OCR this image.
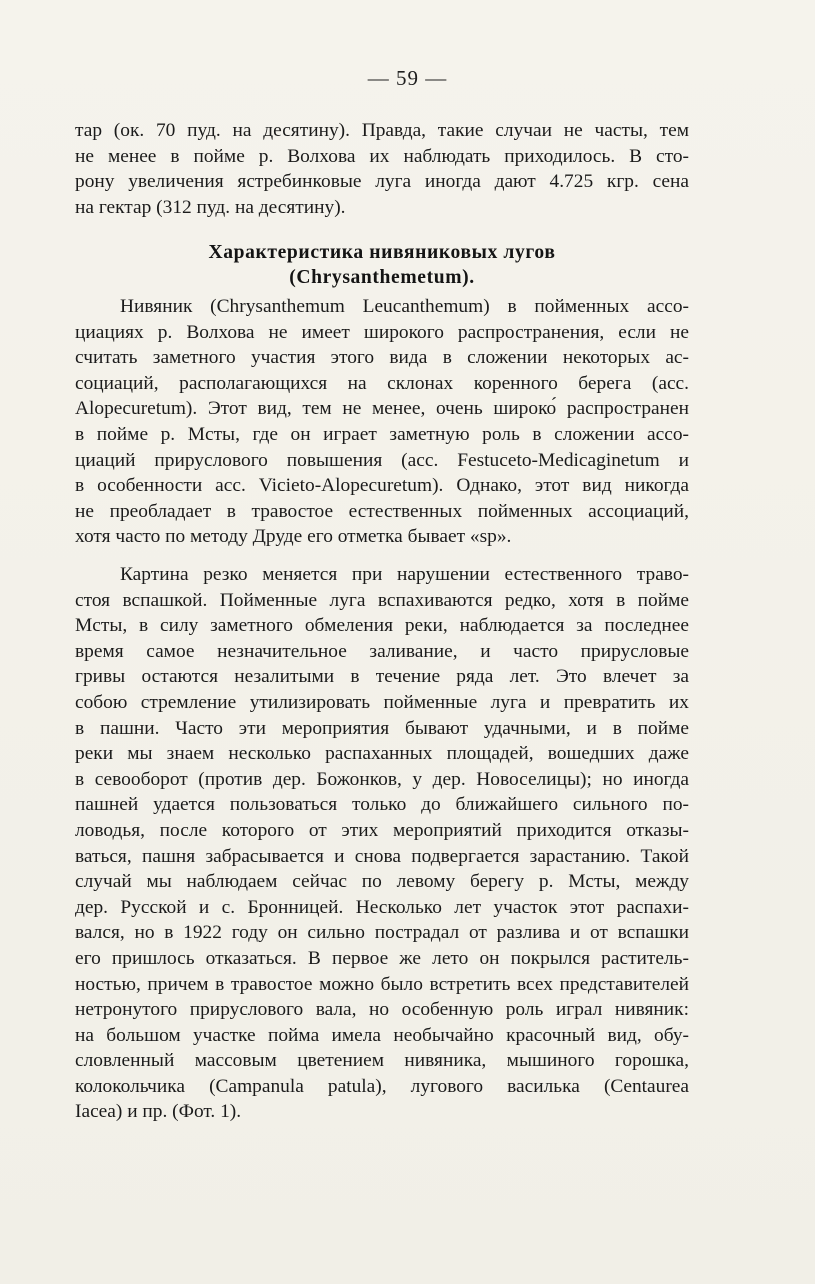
— 59 —
тар (ок. 70 пуд. на десятину). Правда, такие случаи не часты, тем
не менее в пойме р. Волхова их наблюдать приходилось. В сто-
рону увеличения ястребинковые луга иногда дают 4.725 кгр. сена
на гектар (312 пуд. на десятину).
Характеристика нивяниковых лугов
(Chrysanthemetum).
Нивяник (Chrysanthemum Leucanthemum) в пойменных ассо-
циациях р. Волхова не имеет широкого распространения, если не
считать заметного участия этого вида в сложении некоторых ас-
социаций, располагающихся на склонах коренного берега (асс.
Alopecuretum). Этот вид, тем не менее, очень широко́ распространен
в пойме р. Мсты, где он играет заметную роль в сложении ассо-
циаций прируслового повышения (асс. Festuceto-Medicaginetum и
в особенности асс. Vicieto-Alopecuretum). Однако, этот вид никогда
не преобладает в травостое естественных пойменных ассоциаций,
хотя часто по методу Друде его отметка бывает «sp».
Картина резко меняется при нарушении естественного траво-
стоя вспашкой. Пойменные луга вспахиваются редко, хотя в пойме
Мсты, в силу заметного обмеления реки, наблюдается за последнее
время самое незначительное заливание, и часто прирусловые
гривы остаются незалитыми в течение ряда лет. Это влечет за
собою стремление утилизировать пойменные луга и превратить их
в пашни. Часто эти мероприятия бывают удачными, и в пойме
реки мы знаем несколько распаханных площадей, вошедших даже
в севооборот (против дер. Божонков, у дер. Новоселицы); но иногда
пашней удается пользоваться только до ближайшего сильного по-
ловодья, после которого от этих мероприятий приходится отказы-
ваться, пашня забрасывается и снова подвергается зарастанию. Такой
случай мы наблюдаем сейчас по левому берегу р. Мсты, между
дер. Русской и с. Бронницей. Несколько лет участок этот распахи-
вался, но в 1922 году он сильно пострадал от разлива и от вспашки
его пришлось отказаться. В первое же лето он покрылся раститель-
ностью, причем в травостое можно было встретить всех представителей
нетронутого прируслового вала, но особенную роль играл нивяник:
на большом участке пойма имела необычайно красочный вид, обу-
словленный массовым цветением нивяника, мышиного горошка,
колокольчика (Campanula patula), лугового василька (Centaurea
Iacea) и пр. (Фот. 1).
